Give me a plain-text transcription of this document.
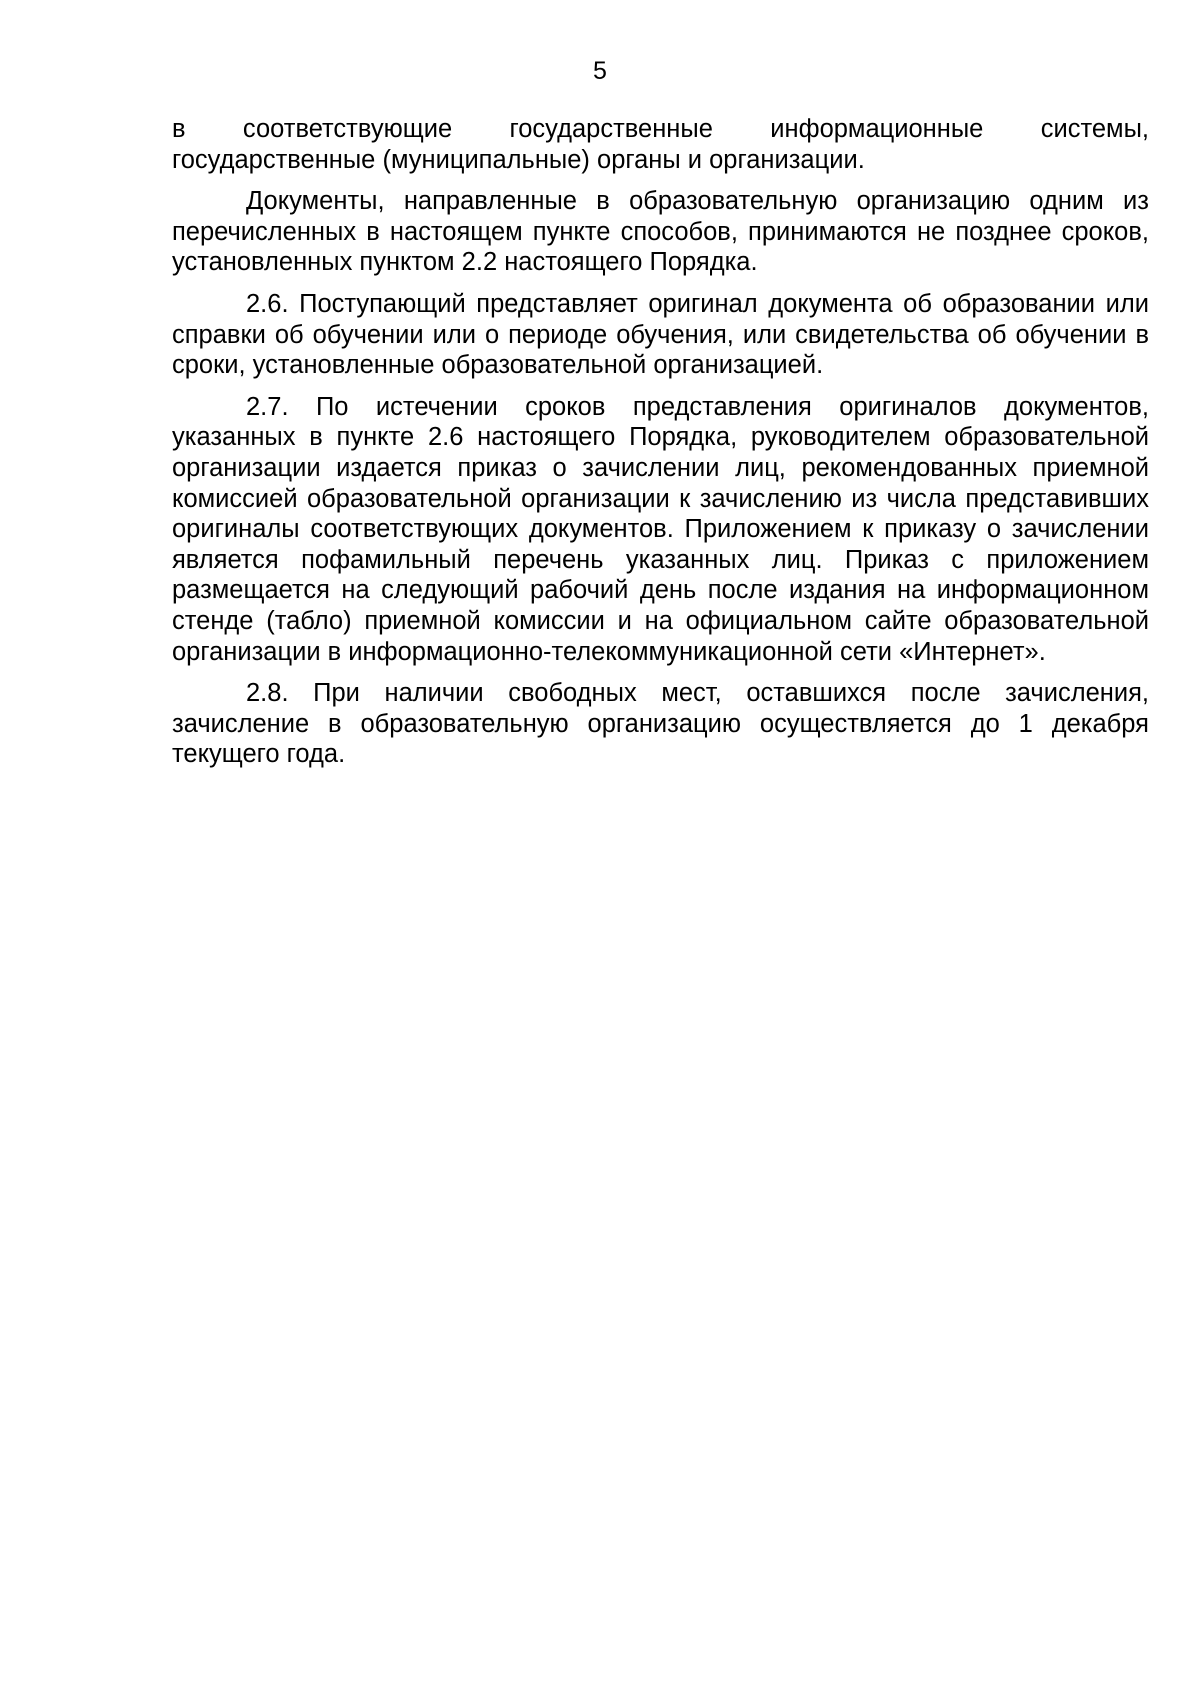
5

в соответствующие государственные информационные системы, государственные (муниципальные) органы и организации.

Документы, направленные в образовательную организацию одним из перечисленных в настоящем пункте способов, принимаются не позднее сроков, установленных пунктом 2.2 настоящего Порядка.

2.6. Поступающий представляет оригинал документа об образовании или справки об обучении или о периоде обучения, или свидетельства об обучении в сроки, установленные образовательной организацией.

2.7. По истечении сроков представления оригиналов документов, указанных в пункте 2.6 настоящего Порядка, руководителем образовательной организации издается приказ о зачислении лиц, рекомендованных приемной комиссией образовательной организации к зачислению из числа представивших оригиналы соответствующих документов. Приложением к приказу о зачислении является пофамильный перечень указанных лиц. Приказ с приложением размещается на следующий рабочий день после издания на информационном стенде (табло) приемной комиссии и на официальном сайте образовательной организации в информационно-телекоммуникационной сети «Интернет».

2.8. При наличии свободных мест, оставшихся после зачисления, зачисление в образовательную организацию осуществляется до 1 декабря текущего года.
